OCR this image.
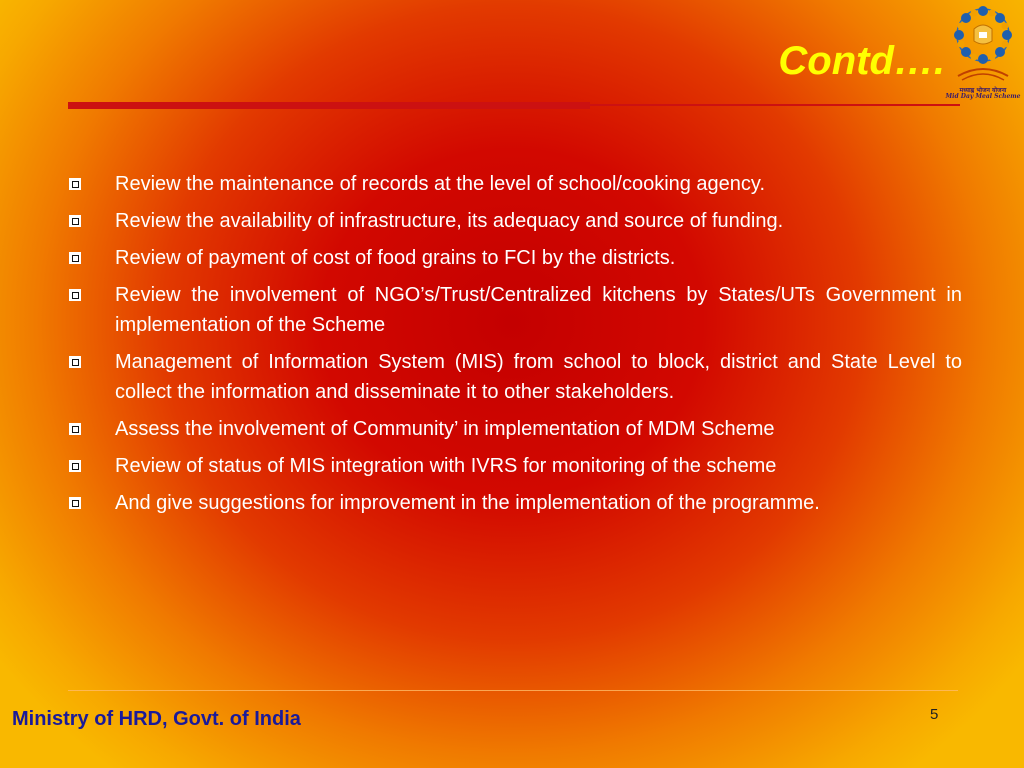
Contd….
मध्याह्न भोजन योजना
Mid Day Meal Scheme
Review the maintenance of records at the level of school/cooking agency.
Review the availability of infrastructure, its adequacy and source of funding.
Review of payment of cost of food grains to FCI by the districts.
Review the involvement of NGO’s/Trust/Centralized kitchens by States/UTs Government in implementation of the Scheme
Management of Information System (MIS) from school to block, district and State Level to collect the information and disseminate it to other stakeholders.
Assess the involvement of Community’ in implementation of MDM Scheme
Review of status of MIS integration with IVRS for monitoring of the scheme
And give suggestions for improvement in the implementation of the programme.
Ministry of HRD, Govt. of India	5
